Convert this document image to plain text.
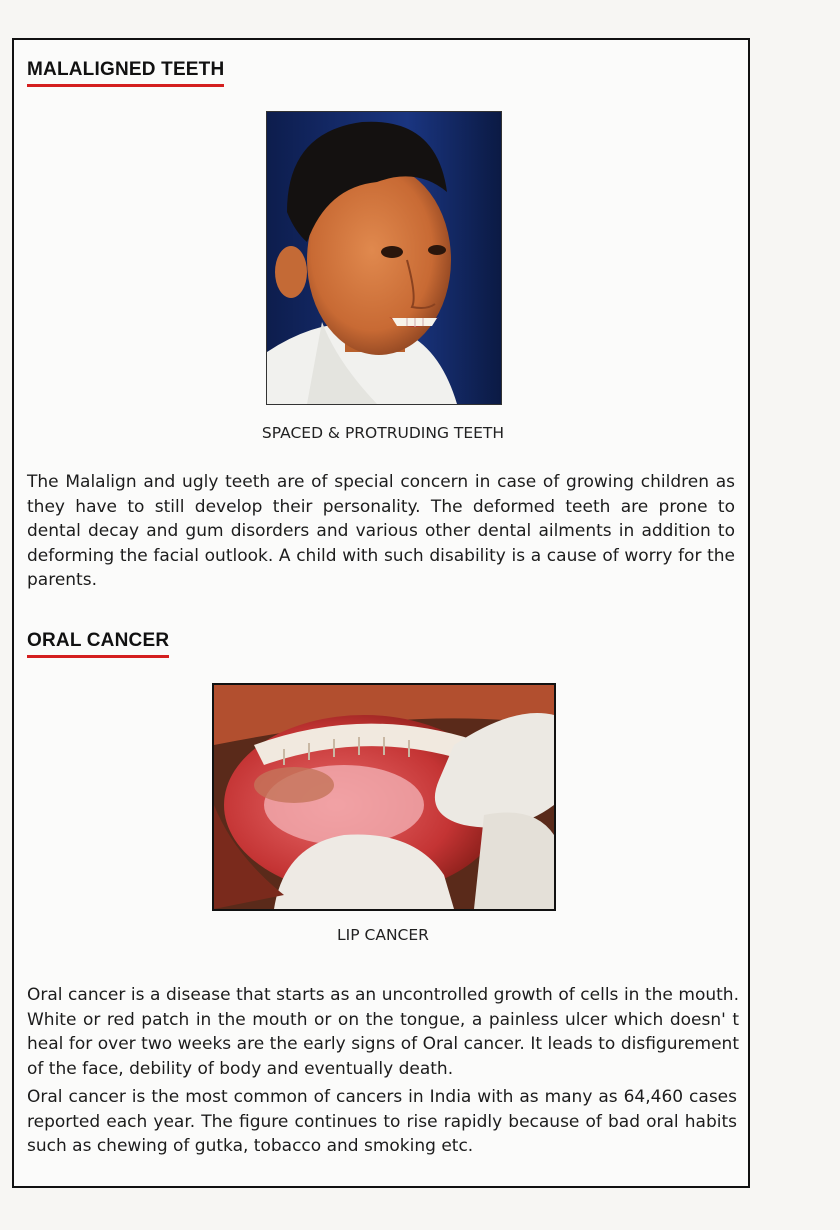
MALALIGNED TEETH
SPACED & PROTRUDING TEETH
The Malalign and ugly teeth are of special concern in case of growing children as they have to still develop their personality. The deformed teeth are prone to dental decay and gum disorders and various other dental ailments in addition to deforming the facial outlook. A child with such disability is a cause of worry for the parents.
ORAL CANCER
LIP CANCER
Oral cancer is a disease that starts as an uncontrolled growth of cells in the mouth. White or red patch in the mouth or on the tongue, a painless ulcer which doesn' t heal for over two weeks are the early signs of Oral cancer. It leads to disfigurement of the face, debility of body and eventually death.
Oral cancer is the most common of cancers in India with as many as 64,460 cases reported each year. The figure continues to rise rapidly because of bad oral habits such as chewing of gutka, tobacco and smoking etc.
